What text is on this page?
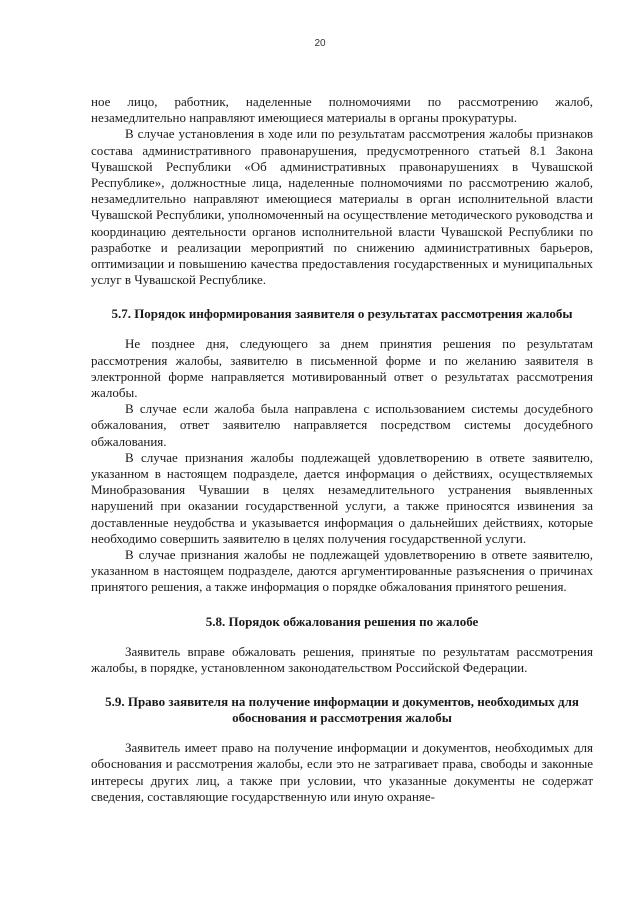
20

ное лицо, работник, наделенные полномочиями по рассмотрению жалоб, незамедлительно направляют имеющиеся материалы в органы прокуратуры.

В случае установления в ходе или по результатам рассмотрения жалобы признаков состава административного правонарушения, предусмотренного статьей 8.1 Закона Чувашской Республики «Об административных правонарушениях в Чувашской Республике», должностные лица, наделенные полномочиями по рассмотрению жалоб, незамедлительно направляют имеющиеся материалы в орган исполнительной власти Чувашской Республики, уполномоченный на осуществление методического руководства и координацию деятельности органов исполнительной власти Чувашской Республики по разработке и реализации мероприятий по снижению административных барьеров, оптимизации и повышению качества предоставления государственных и муниципальных услуг в Чувашской Республике.

5.7. Порядок информирования заявителя о результатах рассмотрения жалобы

Не позднее дня, следующего за днем принятия решения по результатам рассмотрения жалобы, заявителю в письменной форме и по желанию заявителя в электронной форме направляется мотивированный ответ о результатах рассмотрения жалобы.

В случае если жалоба была направлена с использованием системы досудебного обжалования, ответ заявителю направляется посредством системы досудебного обжалования.

В случае признания жалобы подлежащей удовлетворению в ответе заявителю, указанном в настоящем подразделе, дается информация о действиях, осуществляемых Минобразования Чувашии в целях незамедлительного устранения выявленных нарушений при оказании государственной услуги, а также приносятся извинения за доставленные неудобства и указывается информация о дальнейших действиях, которые необходимо совершить заявителю в целях получения государственной услуги.

В случае признания жалобы не подлежащей удовлетворению в ответе заявителю, указанном в настоящем подразделе, даются аргументированные разъяснения о причинах принятого решения, а также информация о порядке обжалования принятого решения.

5.8. Порядок обжалования решения по жалобе

Заявитель вправе обжаловать решения, принятые по результатам рассмотрения жалобы, в порядке, установленном законодательством Российской Федерации.

5.9. Право заявителя на получение информации и документов, необходимых для обоснования и рассмотрения жалобы

Заявитель имеет право на получение информации и документов, необходимых для обоснования и рассмотрения жалобы, если это не затрагивает права, свободы и законные интересы других лиц, а также при условии, что указанные документы не содержат сведения, составляющие государственную или иную охраняе-
